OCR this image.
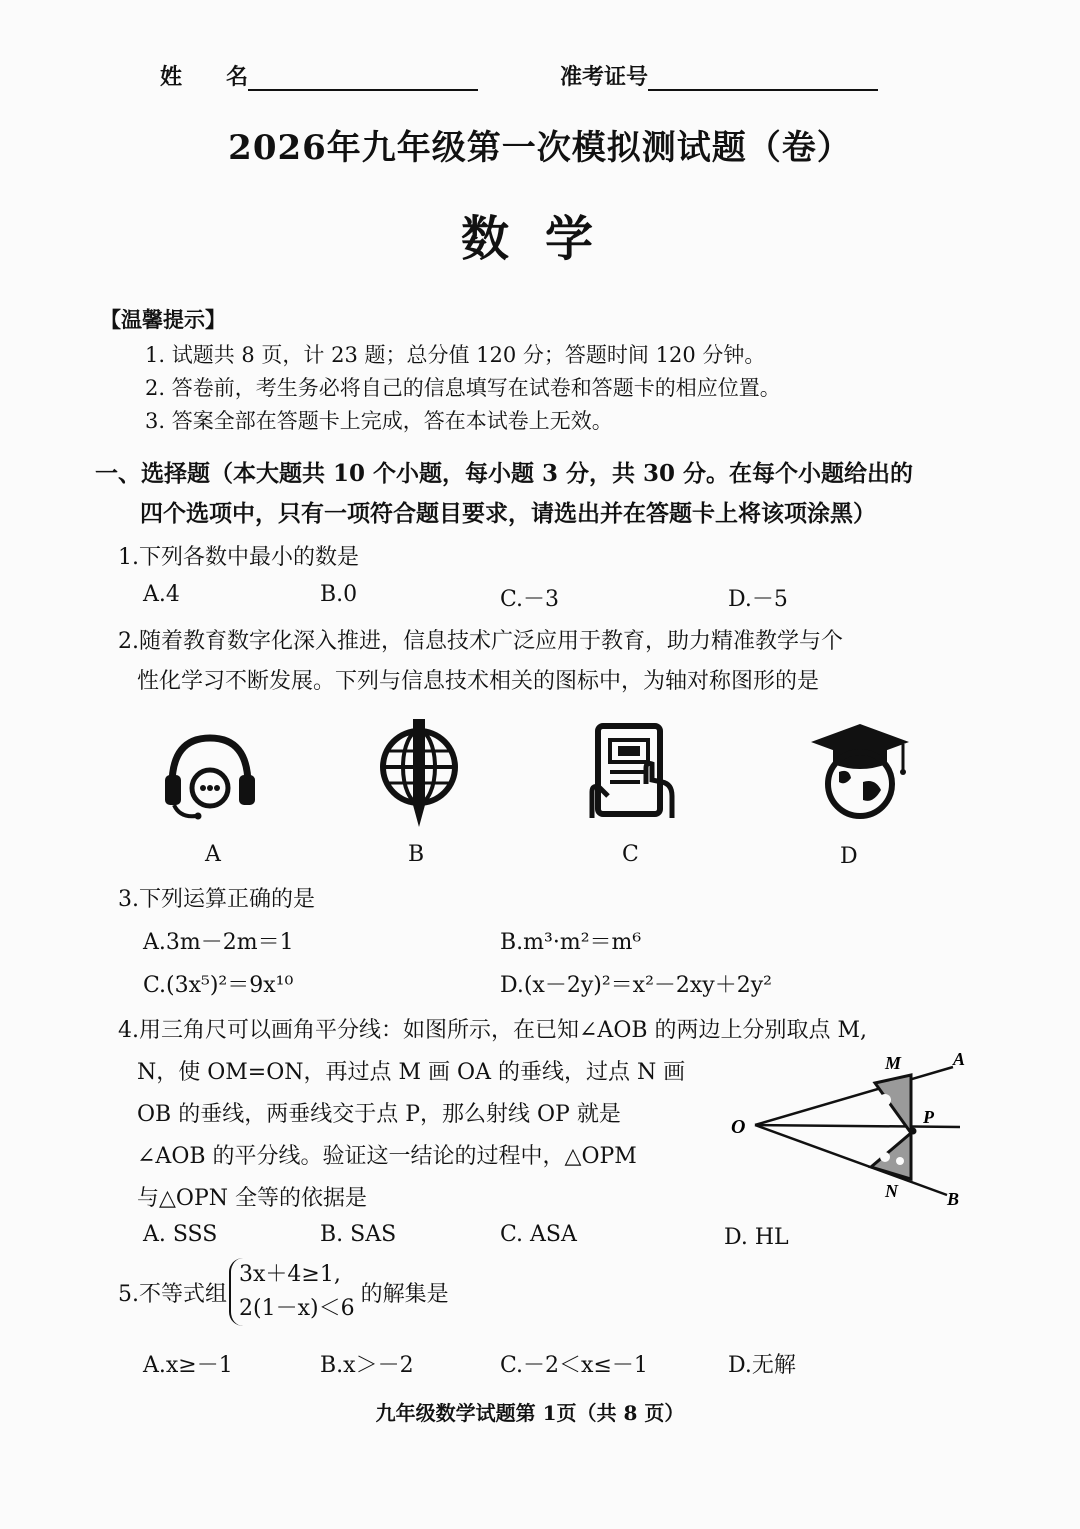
姓　　名	准考证号
2026年九年级第一次模拟测试题（卷）
数学
【温馨提示】
1. 试题共 8 页，计 23 题；总分值 120 分；答题时间 120 分钟。
2. 答卷前，考生务必将自己的信息填写在试卷和答题卡的相应位置。
3. 答案全部在答题卡上完成，答在本试卷上无效。
一、选择题（本大题共 10 个小题，每小题 3 分，共 30 分。在每个小题给出的
四个选项中，只有一项符合题目要求，请选出并在答题卡上将该项涂黑）
1.下列各数中最小的数是
A.4	B.0	C.－3	D.－5
2.随着教育数字化深入推进，信息技术广泛应用于教育，助力精准教学与个
性化学习不断发展。下列与信息技术相关的图标中，为轴对称图形的是
A	B	C	D
3.下列运算正确的是
A.3m－2m＝1	B.m³·m²＝m⁶
C.(3x⁵)²＝9x¹⁰	D.(x－2y)²＝x²－2xy＋2y²
4.用三角尺可以画角平分线：如图所示，在已知∠AOB 的两边上分别取点 M,
N，使 OM=ON，再过点 M 画 OA 的垂线，过点 N 画
OB 的垂线，两垂线交于点 P，那么射线 OP 就是
∠AOB 的平分线。验证这一结论的过程中，△OPM
与△OPN 全等的依据是
M	A
O	P
N	B
A. SSS	B. SAS	C. ASA	D. HL
5.不等式组
3x＋4≥1,
2(1－x)＜6
的解集是
A.x≥－1	B.x＞－2	C.－2＜x≤－1	D.无解
九年级数学试题第 1页（共 8 页）
